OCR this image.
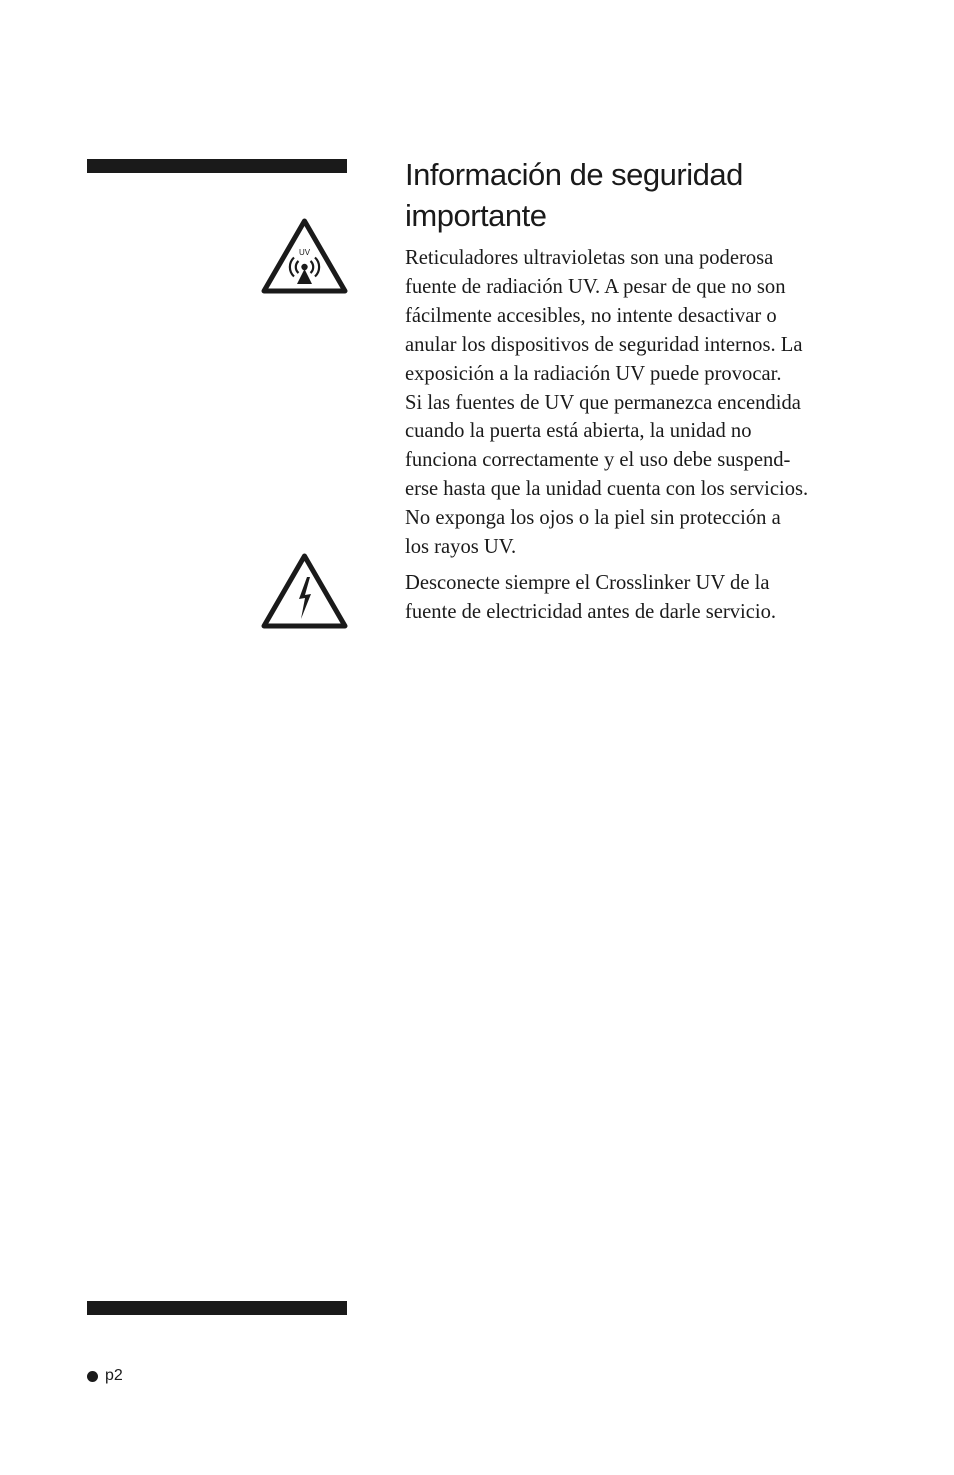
UV
Información de seguridad
importante

Reticuladores ultravioletas son una poderosa
fuente de radiación UV. A pesar de que no son
fácilmente accesibles, no intente desactivar o
anular los dispositivos de seguridad internos. La
exposición a la radiación UV puede provocar.
Si las fuentes de UV que permanezca encendida
cuando la puerta está abierta, la unidad no
funciona correctamente y el uso debe suspend-
erse hasta que la unidad cuenta con los servicios.
No exponga los ojos o la piel sin protección a
los rayos UV.

Desconecte siempre el Crosslinker UV de la
fuente de electricidad antes de darle servicio.

p2
